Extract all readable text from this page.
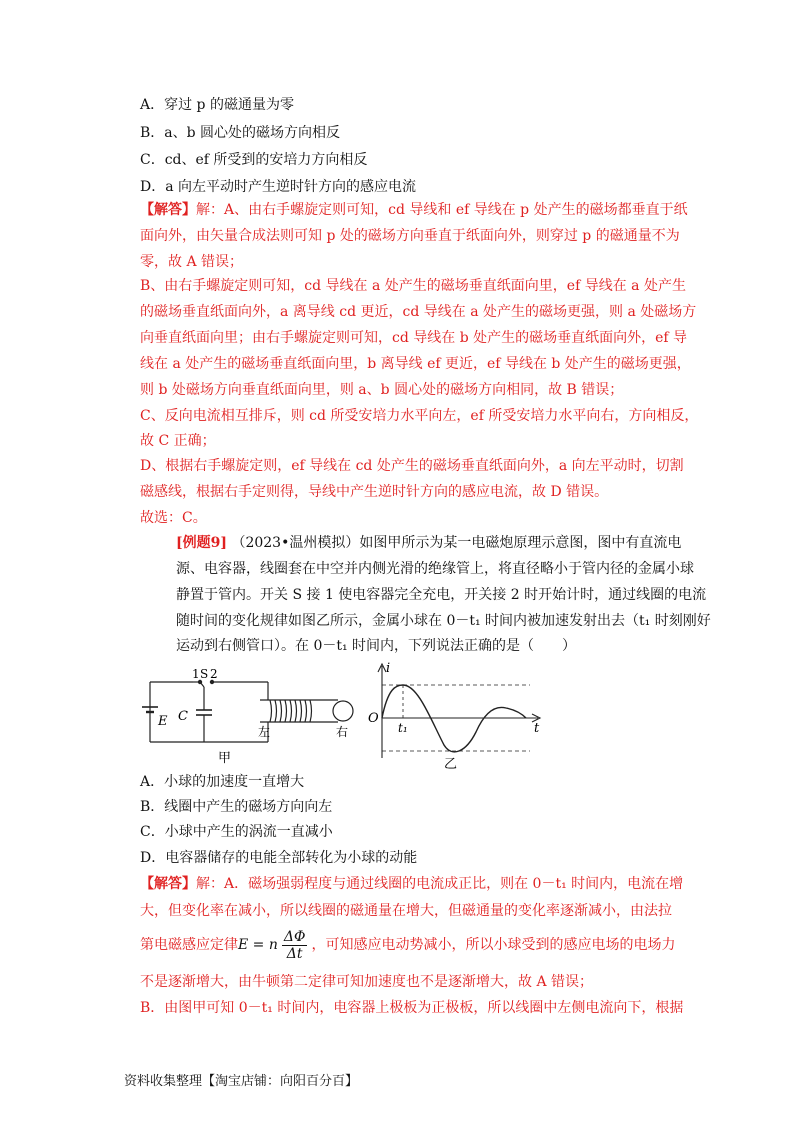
A．穿过 p 的磁通量为零
B．a、b 圆心处的磁场方向相反
C．cd、ef 所受到的安培力方向相反
D．a 向左平动时产生逆时针方向的感应电流
【解答】解：A、由右手螺旋定则可知，cd 导线和 ef 导线在 p 处产生的磁场都垂直于纸
面向外，由矢量合成法则可知 p 处的磁场方向垂直于纸面向外，则穿过 p 的磁通量不为
零，故 A 错误；
B、由右手螺旋定则可知，cd 导线在 a 处产生的磁场垂直纸面向里，ef 导线在 a 处产生
的磁场垂直纸面向外，a 离导线 cd 更近，cd 导线在 a 处产生的磁场更强，则 a 处磁场方
向垂直纸面向里；由右手螺旋定则可知，cd 导线在 b 处产生的磁场垂直纸面向外，ef 导
线在 a 处产生的磁场垂直纸面向里，b 离导线 ef 更近，ef 导线在 b 处产生的磁场更强，
则 b 处磁场方向垂直纸面向里，则 a、b 圆心处的磁场方向相同，故 B 错误；
C、反向电流相互排斥，则 cd 所受安培力水平向左，ef 所受安培力水平向右，方向相反，
故 C 正确；
D、根据右手螺旋定则，ef 导线在 cd 处产生的磁场垂直纸面向外，a 向左平动时，切割
磁感线，根据右手定则得，导线中产生逆时针方向的感应电流，故 D 错误。
故选：C。
[例题9] （2023•温州模拟）如图甲所示为某一电磁炮原理示意图，图中有直流电
源、电容器，线圈套在中空并内侧光滑的绝缘管上，将直径略小于管内径的金属小球
静置于管内。开关 S 接 1 使电容器完全充电，开关接 2 时开始计时，通过线圈的电流
随时间的变化规律如图乙所示，金属小球在 0－t₁ 时间内被加速发射出去（t₁ 时刻刚好
运动到右侧管口）。在 0－t₁ 时间内，下列说法正确的是（　　）
E C
1 S 2
左	右
甲
i
t
O
t₁
乙
A．小球的加速度一直增大
B．线圈中产生的磁场方向向左
C．小球中产生的涡流一直减小
D．电容器储存的电能全部转化为小球的动能
【解答】解：A．磁场强弱程度与通过线圈的电流成正比，则在 0－t₁ 时间内，电流在增
大，但变化率在减小，所以线圈的磁通量在增大，但磁通量的变化率逐渐减小，由法拉
第电磁感应定律E = n $\frac{\Delta\Phi}{\Delta t}$ ，可知感应电动势减小，所以小球受到的感应电场的电场力
不是逐渐增大，由牛顿第二定律可知加速度也不是逐渐增大，故 A 错误；
B．由图甲可知 0－t₁ 时间内，电容器上极板为正极板，所以线圈中左侧电流向下，根据
资料收集整理【淘宝店铺：向阳百分百】
